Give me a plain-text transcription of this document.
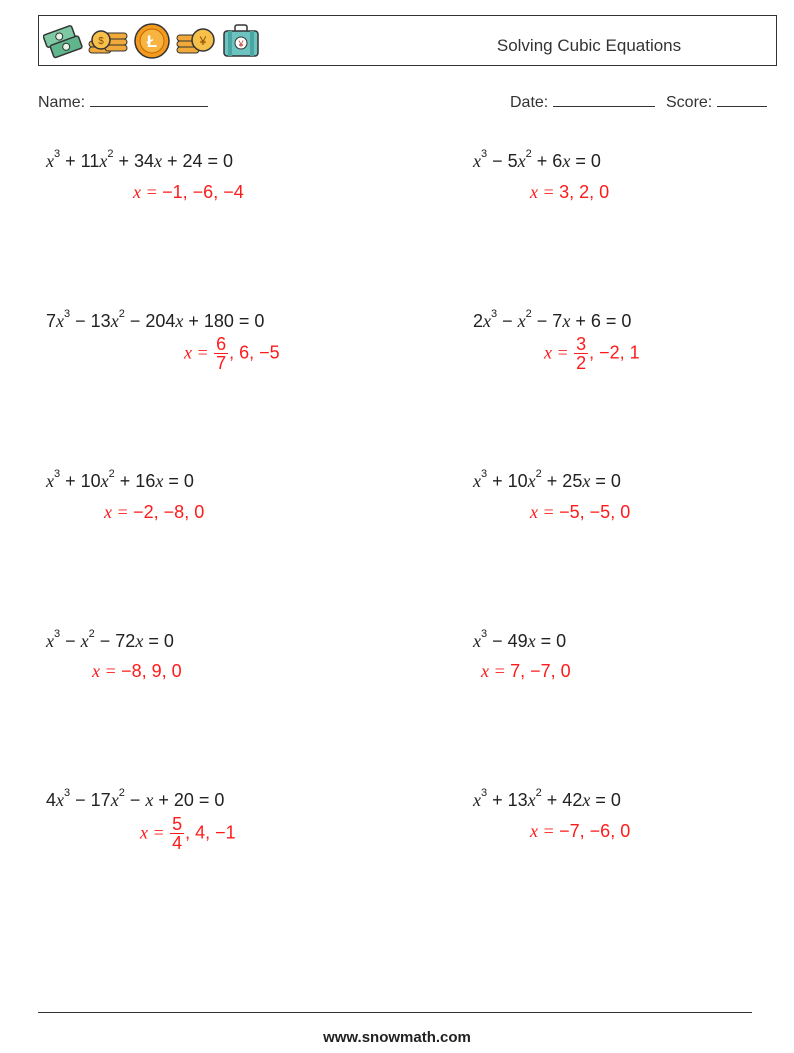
$	Ł	¥	¥	Solving Cubic Equations
Name:	Date:	Score:
$x^3 + 11x^2 + 34x + 24 = 0$
x = −1, −6, −4
$x^3 - 5x^2 + 6x = 0$
x = 3, 2, 0
$7x^3 - 13x^2 - 204x + 180 = 0$
$x = \frac{6}{7}$ , 6, −5
$2x^3 - x^2 - 7x + 6 = 0$
$x = \frac{3}{2}$ , −2, 1
$x^3 + 10x^2 + 16x = 0$
x = −2, −8, 0
$x^3 + 10x^2 + 25x = 0$
x = −5, −5, 0
$x^3 - x^2 - 72x = 0$
x = −8, 9, 0
$x^3 - 49x = 0$
x = 7, −7, 0
$4x^3 - 17x^2 - x + 20 = 0$
$x = \frac{5}{4}$ , 4, −1
$x^3 + 13x^2 + 42x = 0$
x = −7, −6, 0
www.snowmath.com
